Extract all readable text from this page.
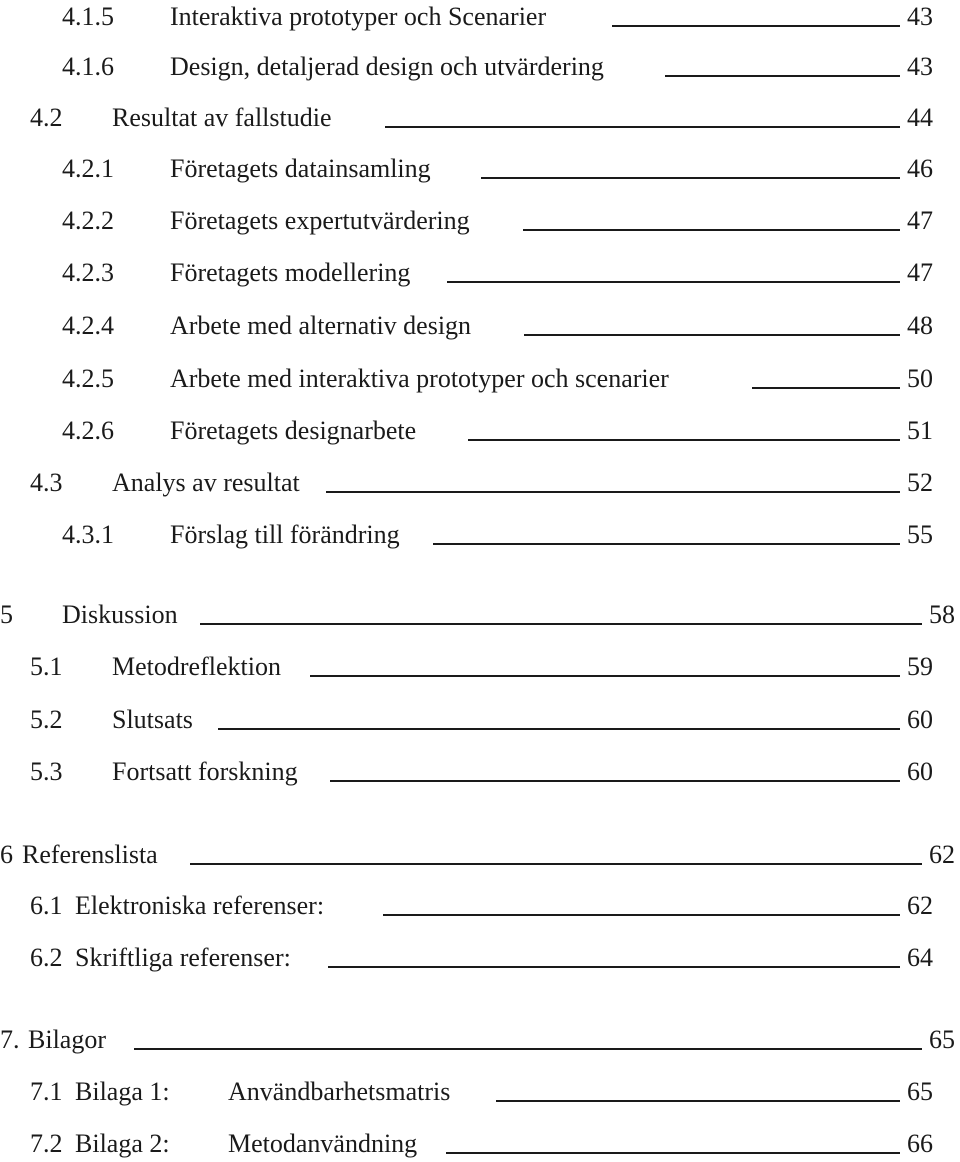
4.1.5 Interaktiva prototyper och Scenarier	43
4.1.6 Design, detaljerad design och utvärdering	43
4.2 Resultat av fallstudie	44
4.2.1 Företagets datainsamling	46
4.2.2 Företagets expertutvärdering	47
4.2.3 Företagets modellering	47
4.2.4 Arbete med alternativ design	48
4.2.5 Arbete med interaktiva prototyper och scenarier	50
4.2.6 Företagets designarbete	51
4.3 Analys av resultat	52
4.3.1 Förslag till förändring	55
5 Diskussion	58
5.1 Metodreflektion	59
5.2 Slutsats	60
5.3 Fortsatt forskning	60
6 Referenslista	62
6.1 Elektroniska referenser:	62
6.2 Skriftliga referenser:	64
7. Bilagor	65
7.1 Bilaga 1: Användbarhetsmatris	65
7.2 Bilaga 2: Metodanvändning	66
